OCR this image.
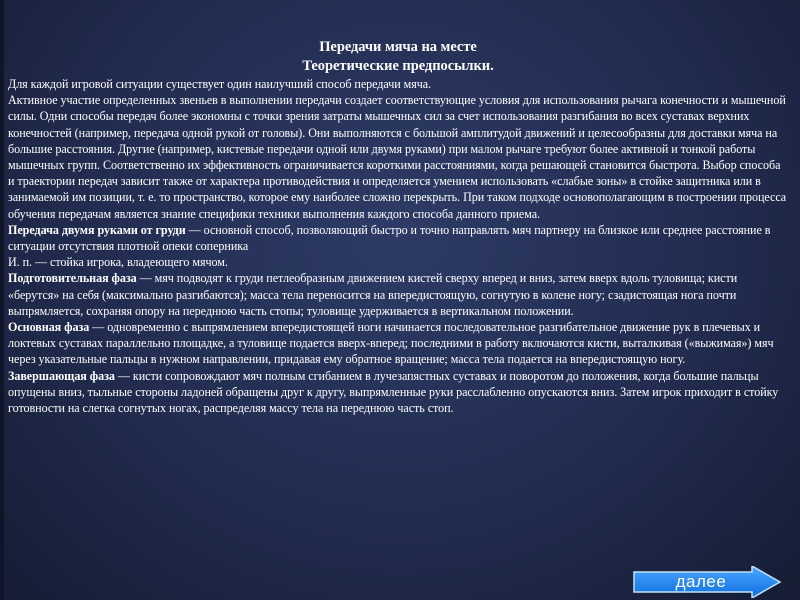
Передачи мяча на месте
Теоретические предпосылки.

Для каждой игровой ситуации существует один наилучший способ передачи мяча.

Активное участие определенных звеньев в выполнении передачи создает соответствующие условия для использования рычага конечности и мышечной силы. Одни способы передач более экономны с точки зрения затраты мышечных сил за счет использования разгибания во всех суставах верхних конечностей (например, передача одной рукой от головы). Они выполняются с большой амплитудой движений и целесообразны для доставки мяча на большие расстояния. Другие (например, кистевые передачи одной или двумя руками) при малом рычаге требуют более активной и тонкой работы мышечных групп. Соответственно их эффективность ограничивается короткими расстояниями, когда решающей становится быстрота. Выбор способа и траектории передач зависит также от характера противодействия и определяется умением использовать «слабые зоны» в стойке защитника или в занимаемой им позиции, т. е. то пространство, которое ему наиболее сложно перекрыть. При таком подходе основополагающим в построении процесса обучения передачам является знание специфики техники выполнения каждого способа данного приема.

Передача двумя руками от груди — основной способ, позволяющий быстро и точно направлять мяч партнеру на близкое или среднее расстояние в ситуации отсутствия плотной опеки соперника

И. п. — стойка игрока, владеющего мячом.

Подготовительная фаза — мяч подводят к груди петлеобразным движением кистей сверху вперед и вниз, затем вверх вдоль туловища; кисти «берутся» на себя (максимально разгибаются); масса тела переносится на впередистоящую, согнутую в колене ногу; сзадистоящая нога почти выпрямляется, сохраняя опору на переднюю часть стопы; туловище удерживается в вертикальном положении.

Основная фаза — одновременно с выпрямлением впередистоящей ноги начинается последовательное разгибательное движение рук в плечевых и локтевых суставах параллельно площадке, а туловище подается вверх-вперед; последними в работу включаются кисти, выталкивая («выжимая») мяч через указательные пальцы в нужном направлении, придавая ему обратное вращение; масса тела подается на впередистоящую ногу.

Завершающая фаза — кисти сопровождают мяч полным сгибанием в лучезапястных суставах и поворотом до положения, когда большие пальцы опущены вниз, тыльные стороны ладоней обращены друг к другу, выпрямленные руки расслабленно опускаются вниз. Затем игрок приходит в стойку готовности на слегка согнутых ногах, распределяя массу тела на переднюю часть стоп.

далее
